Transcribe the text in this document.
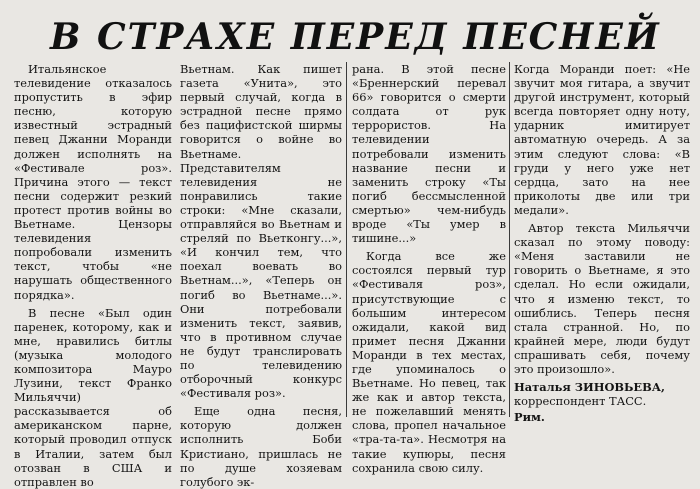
В СТРАХЕ ПЕРЕД ПЕСНЕЙ

Итальянское телевидение отказалось пропустить в эфир песню, которую известный эстрадный певец Джанни Моранди должен исполнять на «Фестивале роз». Причина этого — текст песни содержит резкий протест против войны во Вьетнаме. Цензоры телевидения попробовали изменить текст, чтобы «не нарушать общественного порядка».

В песне «Был один паренек, которому, как и мне, нравились битлы (музыка молодого композитора Мауро Лузини, текст Франко Мильяччи) рассказывается об американском парне, который проводил отпуск в Италии, затем был отозван в США и отправлен во

Вьетнам. Как пишет газета «Унита», это первый случай, когда в эстрадной песне прямо без пацифистской ширмы говорится о войне во Вьетнаме. Представителям телевидения не понравились такие строки: «Мне сказали, отправляйся во Вьетнам и стреляй по Вьетконгу...», «И кончил тем, что поехал воевать во Вьетнам...», «Теперь он погиб во Вьетнаме...». Они потребовали изменить текст, заявив, что в противном случае не будут транслировать по телевидению отборочный конкурс «Фестиваля роз».

Еще одна песня, которую должен исполнить Боби Кристиано, пришлась не по душе хозяевам голубого эк-

рана. В этой песне «Бреннерский перевал 66» говорится о смерти солдата от рук террористов. На телевидении потребовали изменить название песни и заменить строку «Ты погиб бессмысленной смертью» чем-нибудь вроде «Ты умер в тишине...»

Когда все же состоялся первый тур «Фестиваля роз», присутствующие с большим интересом ожидали, какой вид примет песня Джанни Моранди в тех местах, где упоминалось о Вьетнаме. Но певец, так же как и автор текста, не пожелавший менять слова, пропел начальное «тра-та-та». Несмотря на такие купюры, песня сохранила свою силу.

Когда Моранди поет: «Не звучит моя гитара, а звучит другой инструмент, который всегда повторяет одну ноту, ударник имитирует автоматную очередь. А за этим следуют слова: «В груди у него уже нет сердца, зато на нее приколоты две или три медали».

Автор текста Мильяччи сказал по этому поводу: «Меня заставили не говорить о Вьетнаме, я это сделал. Но если ожидали, что я изменю текст, то ошиблись. Теперь песня стала странной. Но, по крайней мере, люди будут спрашивать себя, почему это произошло».

Наталья ЗИНОВЬЕВА, корреспондент ТАСС.

Рим.
